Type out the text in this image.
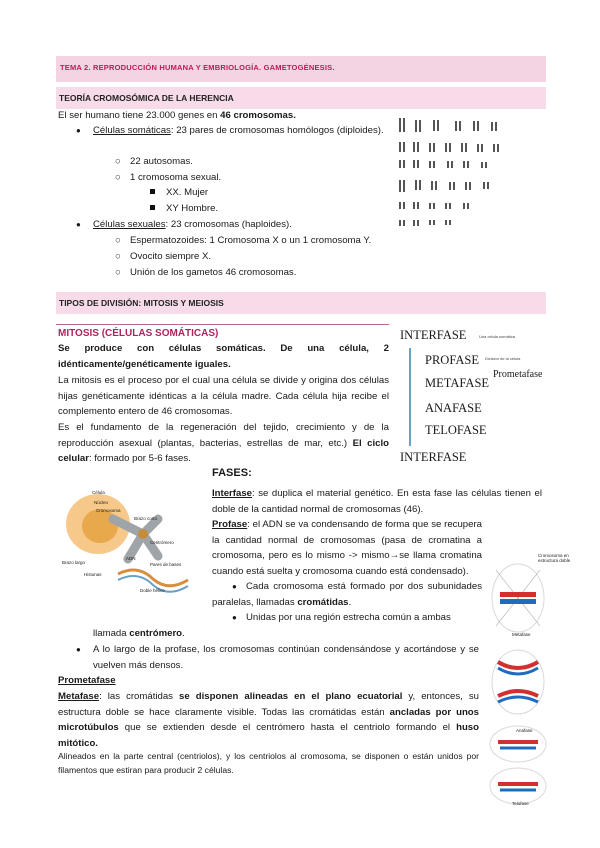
TEMA 2. REPRODUCCIÓN HUMANA Y EMBRIOLOGÍA. GAMETOGÉNESIS.
TEORÍA CROMOSÓMICA DE LA HERENCIA
El ser humano tiene 23.000 genes en 46 cromosomas.
● Células somáticas: 23 pares de cromosomas homólogos (diploides).
○ 22 autosomas.
○ 1 cromosoma sexual.
XX. Mujer
XY Hombre.
● Células sexuales: 23 cromosomas (haploides).
○ Espermatozoides: 1 Cromosoma X o un 1 cromosoma Y.
○ Ovocito siempre X.
○ Unión de los gametos 46 cromosomas.
TIPOS DE DIVISIÓN: MITOSIS Y MEIOSIS
MITOSIS (CÉLULAS SOMÁTICAS)
Se produce con células somáticas. De una célula, 2 idénticamente/genéticamente iguales.
La mitosis es el proceso por el cual una célula se divide y origina dos células hijas genéticamente idénticas a la célula madre. Cada célula hija recibe el complemento entero de 46 cromosomas.
Es el fundamento de la regeneración del tejido, crecimiento y de la reproducción asexual (plantas, bacterias, estrellas de mar, etc.) El ciclo celular: formado por 5-6 fases.
INTERFASE	Una célula somática
PROFASE División de la célula
Prometafase
METAFASE
ANAFASE
TELOFASE
INTERFASE
Célula
Núcleo
Cromosoma
Brazo corto
Centrómero
ADN
Brazo largo
Histonas
Pares de bases
Doble hélice
FASES:
Interfase: se duplica el material genético. En esta fase las células tienen el doble de la cantidad normal de cromosomas (46).
Profase: el ADN se va condensando de forma que se recupera la cantidad normal de cromosomas (pasa de cromatina a cromosoma, pero es lo mismo -> mismo→se llama cromatina cuando está suelta y cromosoma cuando está condensado).
● Cada cromosoma está formado por dos subunidades paralelas, llamadas cromátidas.
● Unidas por una región estrecha común a ambas
llamada centrómero.
● A lo largo de la profase, los cromosomas continúan condensándose y acortándose y se vuelven más densos.
Prometafase
Metafase: las cromátidas se disponen alineadas en el plano ecuatorial y, entonces, su estructura doble se hace claramente visible. Todas las cromátidas están ancladas por unos microtúbulos que se extienden desde el centrómero hasta el centriolo formando el huso mitótico.
Alineados en la parte central (centriolos), y los centriolos al cromosoma, se disponen o están unidos por filamentos que estiran para producir 2 células.
Cromosoma en estructura doble
Metafase
Anafase
Telofase
